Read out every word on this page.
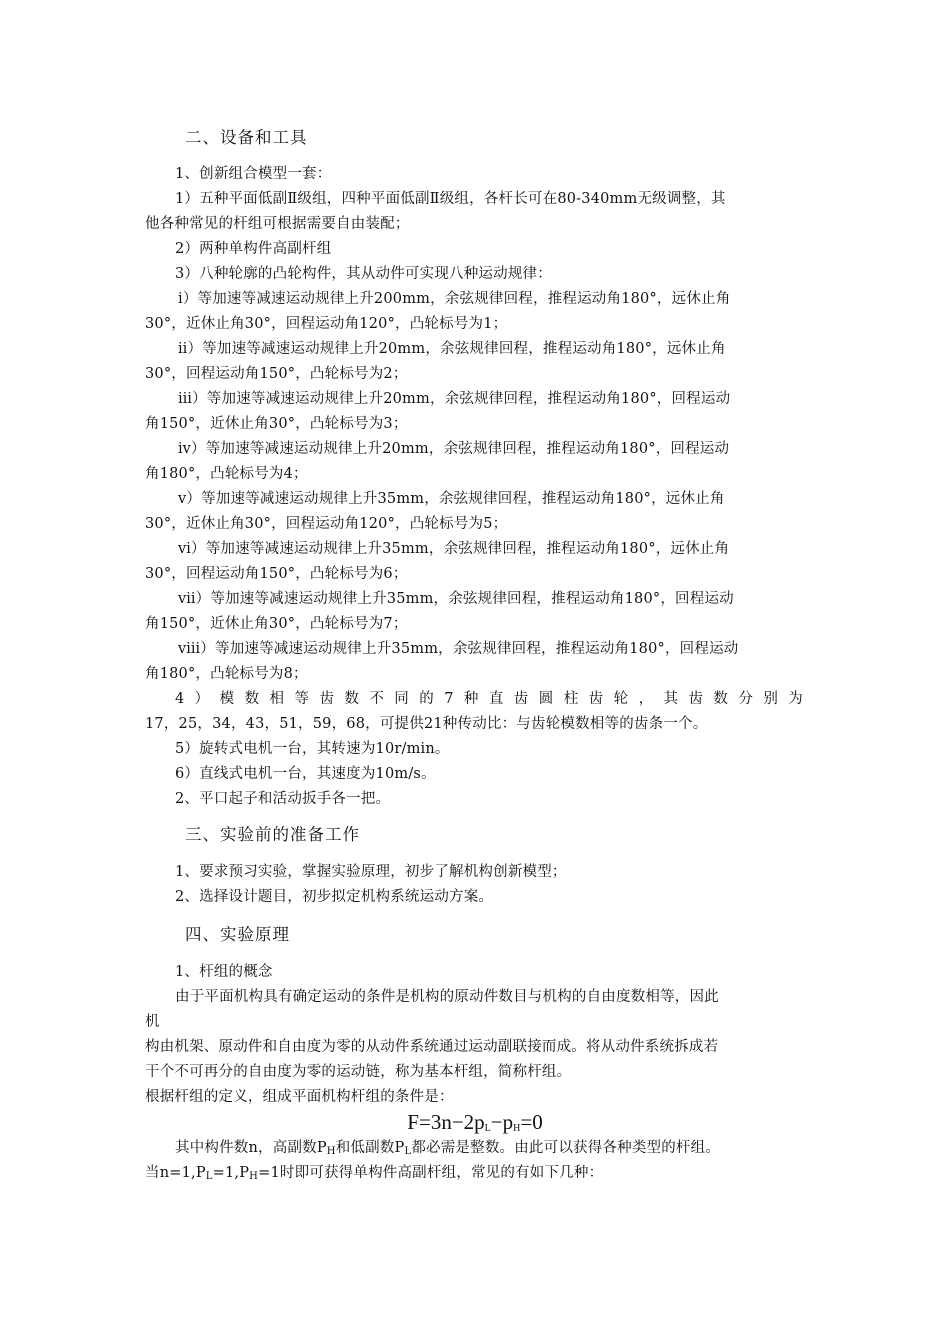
二、设备和工具

1、创新组合模型一套：

1）五种平面低副Ⅱ级组，四种平面低副Ⅱ级组，各杆长可在80-340mm无级调整，其

他各种常见的杆组可根据需要自由装配；

2）两种单构件高副杆组

3）八种轮廓的凸轮构件，其从动件可实现八种运动规律：

ⅰ）等加速等减速运动规律上升200mm，余弦规律回程，推程运动角180°，远休止角

30°，近休止角30°，回程运动角120°，凸轮标号为1；

ⅱ）等加速等减速运动规律上升20mm，余弦规律回程，推程运动角180°，远休止角

30°，回程运动角150°，凸轮标号为2；

ⅲ）等加速等减速运动规律上升20mm，余弦规律回程，推程运动角180°，回程运动

角150°，近休止角30°，凸轮标号为3；

ⅳ）等加速等减速运动规律上升20mm，余弦规律回程，推程运动角180°，回程运动

角180°，凸轮标号为4；

ⅴ）等加速等减速运动规律上升35mm，余弦规律回程，推程运动角180°，远休止角

30°，近休止角30°，回程运动角120°，凸轮标号为5；

ⅵ）等加速等减速运动规律上升35mm，余弦规律回程，推程运动角180°，远休止角

30°，回程运动角150°，凸轮标号为6；

ⅶ）等加速等减速运动规律上升35mm，余弦规律回程，推程运动角180°，回程运动

角150°，近休止角30°，凸轮标号为7；

ⅷ）等加速等减速运动规律上升35mm，余弦规律回程，推程运动角180°，回程运动

角180°，凸轮标号为8；

4）模数相等齿数不同的7种直齿圆柱齿轮，其齿数分别为

17，25，34，43，51，59，68，可提供21种传动比：与齿轮模数相等的齿条一个。

5）旋转式电机一台，其转速为10r/min。

6）直线式电机一台，其速度为10m/s。

2、平口起子和活动扳手各一把。

三、实验前的准备工作

1、要求预习实验，掌握实验原理，初步了解机构创新模型；

2、选择设计题目，初步拟定机构系统运动方案。

四、实验原理

1、杆组的概念

由于平面机构具有确定运动的条件是机构的原动件数目与机构的自由度数相等，因此

机

构由机架、原动件和自由度为零的从动件系统通过运动副联接而成。将从动件系统拆成若

干个不可再分的自由度为零的运动链，称为基本杆组，简称杆组。

根据杆组的定义，组成平面机构杆组的条件是：

$F=3n-2p_L-p_H=0$

其中构件数n，高副数$P_H$和低副数$P_L$都必需是整数。由此可以获得各种类型的杆组。

当$n=1,P_L=1,P_H=1$时即可获得单构件高副杆组，常见的有如下几种：
